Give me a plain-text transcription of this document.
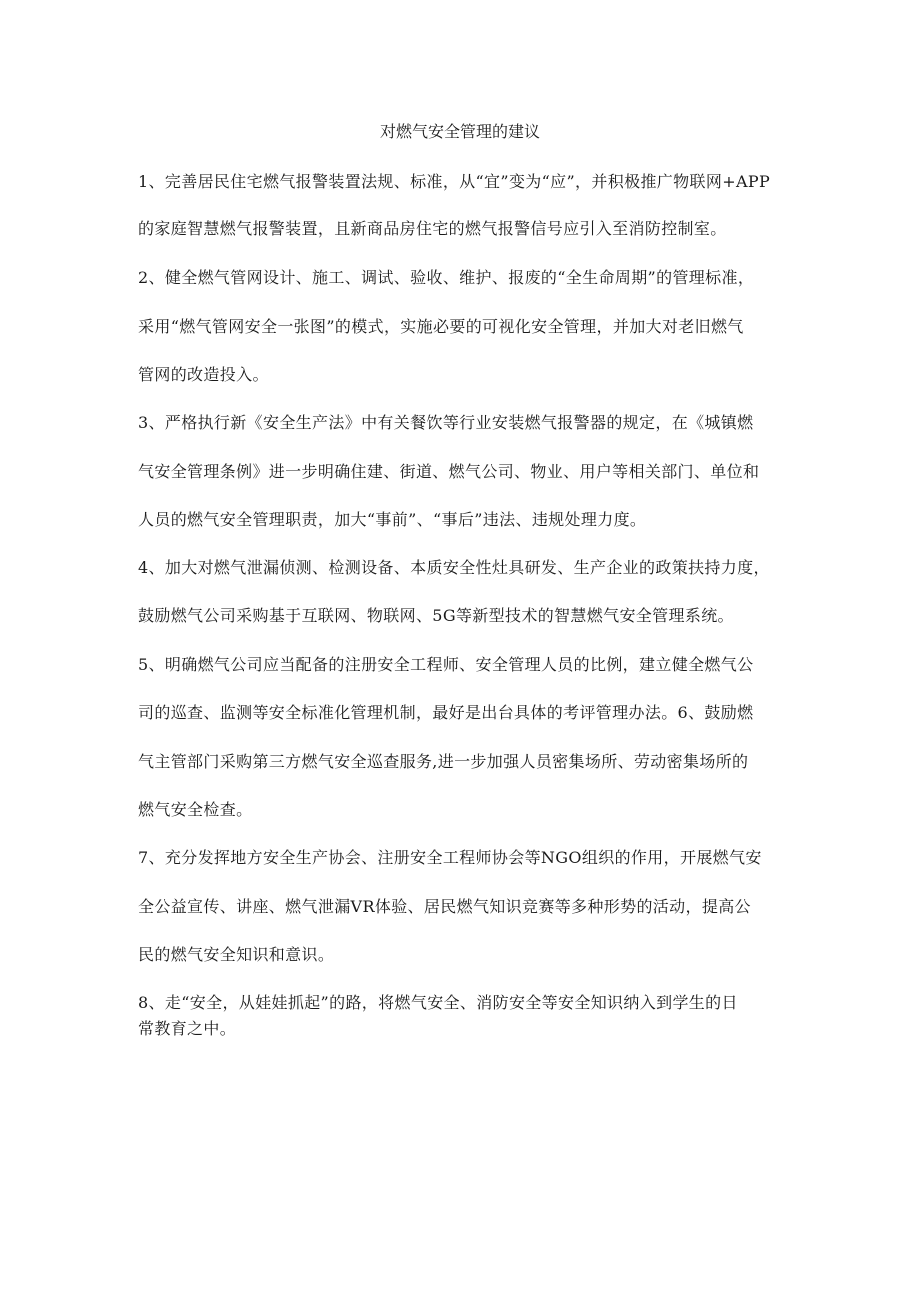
对燃气安全管理的建议

1、完善居民住宅燃气报警装置法规、标准，从“宜”变为“应”，并积极推广物联网+APP

的家庭智慧燃气报警装置，且新商品房住宅的燃气报警信号应引入至消防控制室。

2、健全燃气管网设计、施工、调试、验收、维护、报废的“全生命周期”的管理标准，

采用“燃气管网安全一张图”的模式，实施必要的可视化安全管理，并加大对老旧燃气

管网的改造投入。

3、严格执行新《安全生产法》中有关餐饮等行业安装燃气报警器的规定，在《城镇燃

气安全管理条例》进一步明确住建、街道、燃气公司、物业、用户等相关部门、单位和

人员的燃气安全管理职责，加大“事前”、“事后”违法、违规处理力度。

4、加大对燃气泄漏侦测、检测设备、本质安全性灶具研发、生产企业的政策扶持力度，

鼓励燃气公司采购基于互联网、物联网、5G等新型技术的智慧燃气安全管理系统。

5、明确燃气公司应当配备的注册安全工程师、安全管理人员的比例，建立健全燃气公

司的巡查、监测等安全标准化管理机制，最好是出台具体的考评管理办法。6、鼓励燃

气主管部门采购第三方燃气安全巡查服务,进一步加强人员密集场所、劳动密集场所的

燃气安全检查。

7、充分发挥地方安全生产协会、注册安全工程师协会等NGO组织的作用，开展燃气安

全公益宣传、讲座、燃气泄漏VR体验、居民燃气知识竞赛等多种形势的活动，提高公

民的燃气安全知识和意识。

8、走“安全，从娃娃抓起”的路，将燃气安全、消防安全等安全知识纳入到学生的日

常教育之中。
